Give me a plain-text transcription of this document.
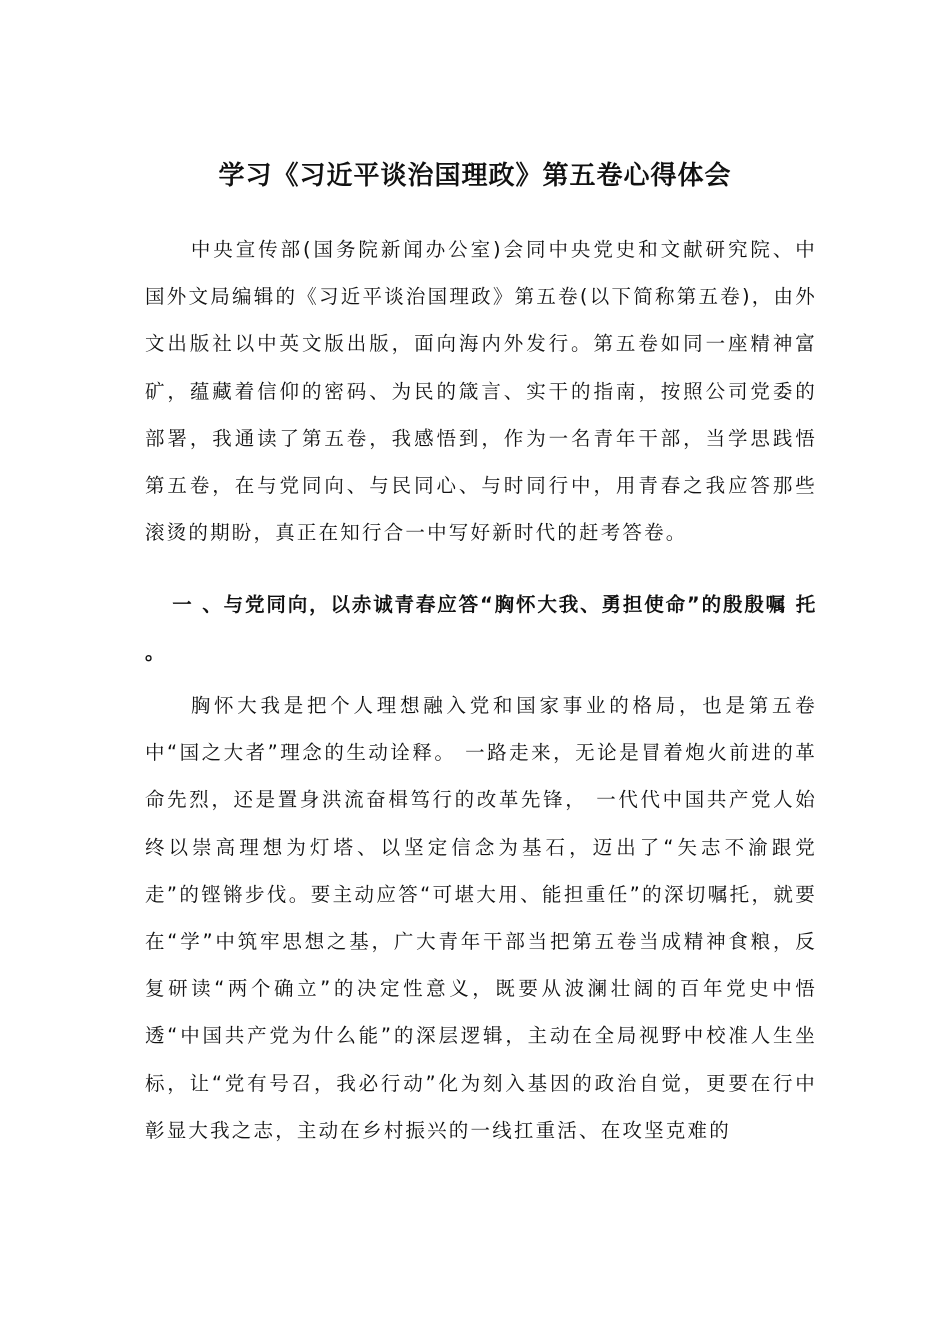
学习《习近平谈治国理政》第五卷心得体会

中央宣传部(国务院新闻办公室)会同中央党史和文献研究院、中国外文局编辑的《习近平谈治国理政》第五卷(以下简称第五卷)，由外文出版社以中英文版出版，面向海内外发行。第五卷如同一座精神富矿，蕴藏着信仰的密码、为民的箴言、实干的指南，按照公司党委的部署，我通读了第五卷，我感悟到，作为一名青年干部，当学思践悟第五卷，在与党同向、与民同心、与时同行中，用青春之我应答那些滚烫的期盼，真正在知行合一中写好新时代的赶考答卷。

一 、与党同向，以赤诚青春应答“胸怀大我、勇担使命”的殷殷嘱 托 。

胸怀大我是把个人理想融入党和国家事业的格局，也是第五卷中“国之大者”理念的生动诠释。 一路走来，无论是冒着炮火前进的革命先烈，还是置身洪流奋楫笃行的改革先锋， 一代代中国共产党人始终以崇高理想为灯塔、以坚定信念为基石，迈出了“矢志不渝跟党走”的铿锵步伐。要主动应答“可堪大用、能担重任”的深切嘱托，就要在“学”中筑牢思想之基，广大青年干部当把第五卷当成精神食粮，反复研读“两个确立”的决定性意义，既要从波澜壮阔的百年党史中悟透“中国共产党为什么能”的深层逻辑，主动在全局视野中校准人生坐标，让“党有号召，我必行动”化为刻入基因的政治自觉，更要在行中彰显大我之志，主动在乡村振兴的一线扛重活、在攻坚克难的
